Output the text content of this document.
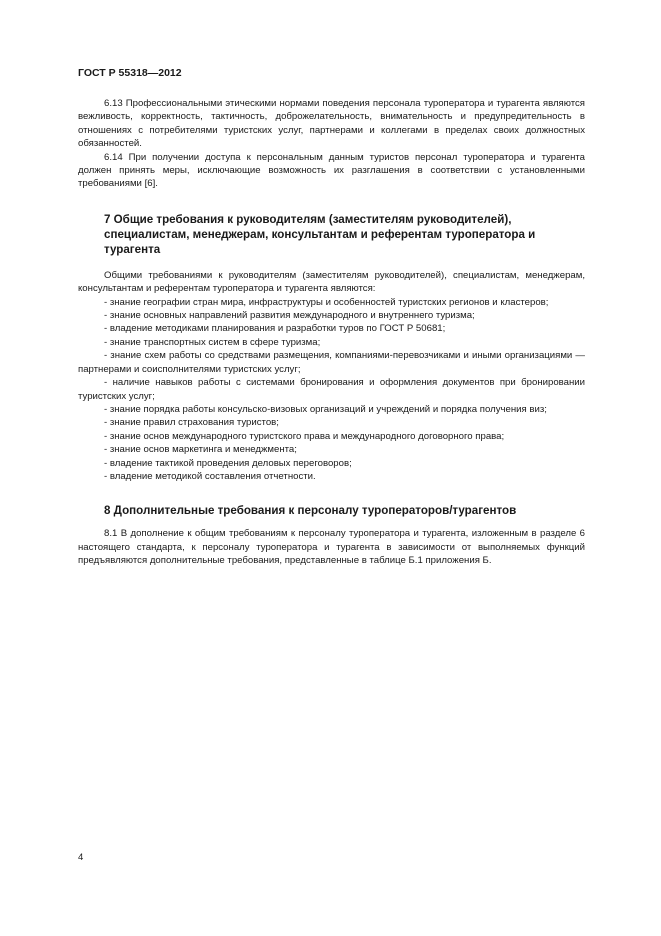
ГОСТ Р 55318—2012

6.13 Профессиональными этическими нормами поведения персонала туроператора и турагента являются вежливость, корректность, тактичность, доброжелательность, внимательность и предупредительность в отношениях с потребителями туристских услуг, партнерами и коллегами в пределах своих должностных обязанностей.

6.14 При получении доступа к персональным данным туристов персонал туроператора и турагента должен принять меры, исключающие возможность их разглашения в соответствии с установленными требованиями [6].

7 Общие требования к руководителям (заместителям руководителей), специалистам, менеджерам, консультантам и референтам туроператора и турагента

Общими требованиями к руководителям (заместителям руководителей), специалистам, менеджерам, консультантам и референтам туроператора и турагента являются:

- знание географии стран мира, инфраструктуры и особенностей туристских регионов и кластеров;

- знание основных направлений развития международного и внутреннего туризма;

- владение методиками планирования и разработки туров по ГОСТ Р 50681;

- знание транспортных систем в сфере туризма;

- знание схем работы со средствами размещения, компаниями-перевозчиками и иными организациями — партнерами и соисполнителями туристских услуг;

- наличие навыков работы с системами бронирования и оформления документов при бронировании туристских услуг;

- знание порядка работы консульско-визовых организаций и учреждений и порядка получения виз;

- знание правил страхования туристов;

- знание основ международного туристского права и международного договорного права;

- знание основ маркетинга и менеджмента;

- владение тактикой проведения деловых переговоров;

- владение методикой составления отчетности.

8 Дополнительные требования к персоналу туроператоров/турагентов

8.1 В дополнение к общим требованиям к персоналу туроператора и турагента, изложенным в разделе 6 настоящего стандарта, к персоналу туроператора и турагента в зависимости от выполняемых функций предъявляются дополнительные требования, представленные в таблице Б.1 приложения Б.

4
